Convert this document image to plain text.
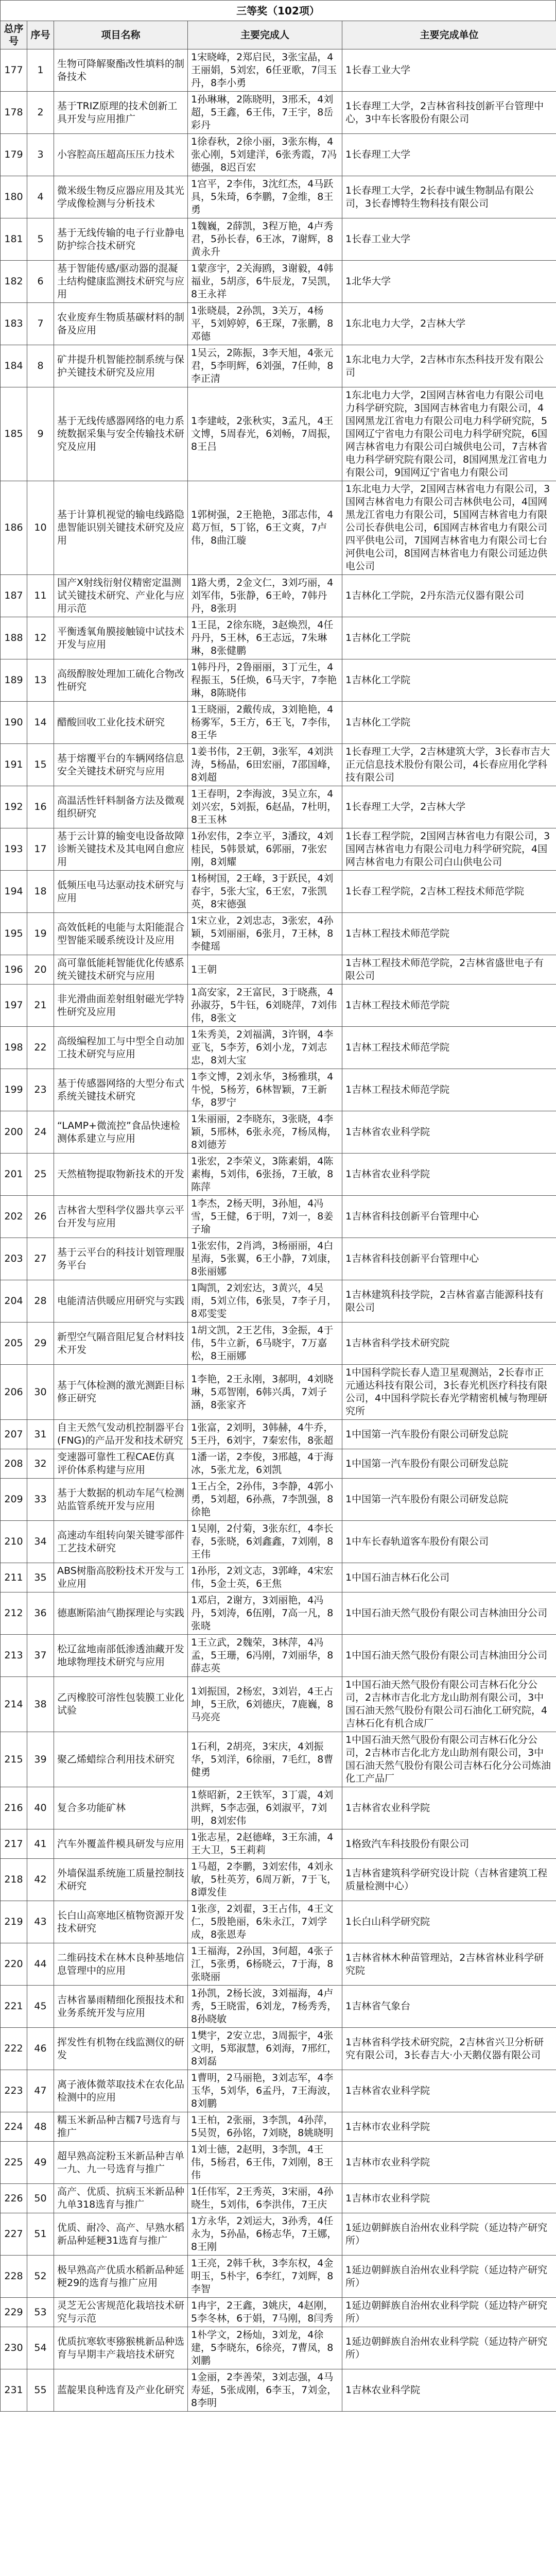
三等奖（102项）
总序号	序号	项目名称	主要完成人	主要完成单位
177	1	生物可降解聚酯改性填料的制备技术	1宋晓峰，2郑启民，3张宝晶，4王丽娟，5刘宏，6任亚歌，7闫玉丹，8李小勇	1长春工业大学
178	2	基于TRIZ原理的技术创新工具开发与应用推广	1孙琳琳，2陈晓明，3邢禾，4刘超，5王鑫，6王伟，7王宇，8岳彩丹	1长春理工大学，2吉林省科技创新平台管理中心，3中车长客股份有限公司
179	3	小容腔高压超高压压力技术	1徐春秋，2徐小丽，3张东梅，4张心刚，5刘建洋，6张秀霞，7冯德强，8迟百宏	1长春理工大学
180	4	微米级生物反应器应用及其光学成像检测与分析技术	1宫平，2李伟，3沈红杰，4马跃具，5朱琦，6李鹏，7金维，8王勇	1长春理工大学，2长春中诚生物制品有限公司，3长春博特生物科技有限公司
181	5	基于无线传输的电子行业静电防护综合技术研究	1魏巍，2薛凯，3程万艳，4卢秀君，5孙长春，6王冰，7谢辉，8黄永升	1长春工业大学
182	6	基于智能传感/驱动器的混凝土结构健康监测技术研究与应用	1蒙彦宇，2关海鸥，3谢毅，4韩福业，5胡彦，6牛辰龙，7吴凯，8王永祥	1北华大学
183	7	农业废弃生物质基碳材料的制备及应用	1张晓晨，2孙凯，3关万，4杨平，5刘婷婷，6王琛，7张鹏，8邓德	1东北电力大学，2吉林大学
184	8	矿井提升机智能控制系统与保护关键技术研究及应用	1吴云，2陈振，3李天旭，4张元君，5李明辉，6刘强，7任帅，8李正清	1东北电力大学，2吉林市东杰科技开发有限公司
185	9	基于无线传感器网络的电力系统数据采集与安全传输技术研究及应用	1李建岐，2张秋实，3孟凡，4王文博，5周春光，6刘畅，7周振，8王吕	1东北电力大学，2国网吉林省电力有限公司电力科学研究院，3国网吉林省电力有限公司，4国网黑龙江省电力有限公司电力科学研究院，5国网辽宁省电力有限公司电力科学研究院，6国网吉林省电力有限公司白城供电公司，7吉林省电力科学研究院有限公司，8国网黑龙江省电力有限公司，9国网辽宁省电力有限公司
186	10	基于计算机视觉的输电线路隐患智能识别关键技术研究及应用	1郭树强，2王艳艳，3邵志伟，4葛万恒，5丁铭，6王文爽，7卢伟，8曲江璇	1东北电力大学，2国网吉林省电力有限公司，3国网吉林省电力有限公司吉林供电公司，4国网黑龙江省电力有限公司，5国网吉林省电力有限公司长春供电公司，6国网吉林省电力有限公司四平供电公司，7国网吉林省电力有限公司七台河供电公司，8国网吉林省电力有限公司延边供电公司
187	11	国产X射线衍射仪精密定温测试关键技术研究、产业化与应用示范	1路大勇，2金文仁，3刘巧丽，4刘军伟，5张静，6王岭，7韩丹丹，8张玥	1吉林化工学院，2丹东浩元仪器有限公司
188	12	平衡透氧角膜接触镜中试技术开发与应用	1王昆，2徐东晓，3赵焕烈，4任丹丹，5王林，6王志远，7朱琳琳，8张健鹏	1吉林化工学院
189	13	高级醇胺处理加工硫化合物改性研究	1韩丹丹，2鲁丽丽，3丁元生，4程振玉，5任焕，6马天宇，7李艳琳，8陈晓伟	1吉林化工学院
190	14	醋酸回收工业化技术研究	1王晓丽，2戴传成，3刘艳艳，4杨雾军，5王方，6王飞，7李伟，8王华	1吉林化工学院
191	15	基于熔覆平台的车辆网络信息安全关键技术研究与应用	1姜书伟，2王朝，3张军，4刘洪涛，5杨晶，6田宏丽，7邵国峰，8刘超	1长春理工大学，2吉林建筑大学，3长春市吉大正元信息技术股份有限公司，4长春应用化学科技有限公司
192	16	高温活性钎料制备方法及微观组织研究	1王春明，2李海波，3吴立东，4刘兴宏，5刘振，6赵晶，7杜明，8王玉林	1长春理工大学，2吉林大学
193	17	基于云计算的输变电设备故障诊断关键技术及其电网自愈应用	1孙宏伟，2李立平，3潘玟，4刘桂民，5韩景斌，6郭丽，7张宏刚，8刘耀	1长春工程学院，2国网吉林省电力有限公司，3国网吉林省电力有限公司电力科学研究院，4国网吉林省电力有限公司白山供电公司
194	18	低频压电马达驱动技术研究与应用	1杨树国，2王峰，3于跃民，4刘春宇，5张大宝，6王宏，7张凯英，8宋德强	1长春工程学院，2吉林工程技术师范学院
195	19	高效低耗的电能与太阳能混合型智能采暖系统设计及应用	1宋立业，2刘忠志，3张宏，4孙颖，5刘丽丽，6张月，7王林，8李健瑶	1吉林工程技术师范学院
196	20	高可靠低能耗智能优化传感系统关键技术研究与应用	1王朝	1吉林工程技术师范学院，2吉林省盛世电子有限公司
197	21	非光滑曲面差射组射磁光学特性研究及应用	1高安家，2王富民，3于晓燕，4孙淑芬，5牛钰，6刘晓萍，7刘伟伟，8张文	1吉林工程技术师范学院
198	22	高级编程加工与中型全自动加工技术研究与应用	1朱秀美，2刘福满，3许钢，4李亚飞，5李芳，6刘小龙，7刘志忠，8刘大宝	1吉林工程技术师范学院
199	23	基于传感器网络的大型分布式系统关键技术研究	1李文博，2刘永华，3杨雅琪，4牛悦，5杨芳，6林智颖，7王新华，8罗宁	1吉林工程技术师范学院
200	24	“LAMP+微流控”食品快速检测体系建立与应用	1朱丽丽，2李晓东，3张晓，4李颖，5邢林，6张永亮，7杨凤梅，8刘德芳	1吉林省农业科学院
201	25	天然植物提取物新技术的开发	1张宏，2李荣义，3陈素娟，4陈素梅，5刘伟，6张扬，7王敏，8陈萍	1吉林省农业科学院
202	26	吉林省大型科学仪器共享云平台开发与应用	1李杰，2杨天明，3孙旭，4冯雪，5王健，6于明，7刘一，8姜子瑜	1吉林省科技创新平台管理中心
203	27	基于云平台的科技计划管理服务平台	1张宏伟，2肖鸿，3杨丽丽，4白星海，5张翼，6王小静，7刘康，8张丽娜	1吉林省科技创新平台管理中心
204	28	电能清洁供暖应用研究与实践	1陶凯，2刘宏达，3黄兴，4吴雨，5刘立伟，6张昊，7李子月，8邓雯雯	1吉林建筑科技学院，2吉林省嘉吉能源科技有限公司
205	29	新型空气隔音阻尼复合材料技术开发	1胡文凯，2王艺伟，3金振，4于伟，5牛立新，6马晓宇，7万嘉松，8王丽娜	1吉林省科学技术研究院
206	30	基于气体检测的激光测距目标修正研究	1李艳，2王永刚，3郝明，4刘晓琳，5邓智刚，6韩兴禹，7刘子涵，8张家齐	1中国科学院长春人造卫星观测站，2长春市正元通达科技有限公司，3长春光机医疗科技有限公司，4中国科学院长春光学精密机械与物理研究所
207	31	自主天然气发动机控制器平台(FNG)的产品开发和技术研究	1张富，2刘明，3韩赫，4牛乔，5王丹，6刘宇，7秦宏伟，8张超	1中国第一汽车股份有限公司研发总院
208	32	变速器可靠性工程CAE仿真评价体系构建与应用	1潘一诺，2李俊，3邢越，4于海冰，5张尤龙，6刘凯	1中国第一汽车股份有限公司研发总院
209	33	基于大数据的机动车尾气检测站监管系统开发与应用	1王占全，2孙伟，3李静，4郭小勇，5刘超，6孙燕，7李凯强，8徐艳	1中国第一汽车股份有限公司研发总院
210	34	高速动车组转向架关键零部件工艺技术研究	1吴刚，2付菊，3张东红，4李长春，5张晓，6刘鑫鑫，7刘刚，8王伟	1中车长春轨道客车股份有限公司
211	35	ABS树脂高胶粉技术开发与工业应用	1孙彤，2刘文志，3郭峰，4宋宏伟，5金士英，6王焦	1中国石油吉林石化公司
212	36	德惠断陷油气勘探理论与实践	1邓启，2谢方，3刘丽艳，4冯丹，5刘涛，6伍刚，7高一凡，8张晓	1中国石油天然气股份有限公司吉林油田分公司
213	37	松辽盆地南部低渗透油藏开发地球物理技术研究与应用	1王立武，2魏荣，3林萍，4冯孟，5王珊，6冯刚，7刘丽华，8薛志英	1中国石油天然气股份有限公司吉林油田分公司
214	38	乙丙橡胶可溶性包装膜工业化试验	1刘振国，2杨宏，3刘岩，4王占坤，5王欣，6刘德庆，7鹿巍，8马亮亮	1中国石油天然气股份有限公司吉林石化分公司，2吉林市吉化北方龙山助剂有限公司，3中国石油天然气股份有限公司石油化工研究院，4吉林石化有机合成厂
215	39	聚乙烯蜡综合利用技术研究	1石利，2胡亮，3宋庆，4刘振华，5刘洋，6徐丽，7毛红，8曹健勇	1中国石油天然气股份有限公司吉林石化分公司，2吉林市吉化北方龙山助剂有限公司，3中国石油天然气股份有限公司吉林石化分公司炼油化工产品厂
216	40	复合多功能矿林	1蔡昭新，2王铁军，3丁震，4刘洪辉，5李志强，6刘淑平，7刘明，8刘宏伟	1吉林省农业科学院
217	41	汽车外覆盖件模具研发与应用	1张志星，2赵德峰，3王东浦，4王大卫，5王莉莉	1格致汽车科技股份有限公司
218	42	外墙保温系统施工质量控制技术研究	1马超，2李鹏，3刘宏伟，4刘永敏，5杜英芳，6周万新，7于飞，8谭发佳	1吉林省建筑科学研究设计院（吉林省建筑工程质量检测中心）
219	43	长白山高寒地区植物资源开发技术研究	1张彦，2刘翟，3王占伟，4王文仁，5殷艳丽，6朱永江，7刘学成，8张恩寿	1长白山科学研究院
220	44	二维码技术在林木良种基地信息管理中的应用	1王福海，2孙国，3何超，4张子江，5张勇，6杨晓云，7于海，8张晓丽	1吉林省林木种苗管理站，2吉林省林业科学研究院
221	45	吉林省暴雨精细化预报技术和业务系统开发与应用	1孙凯，2杨长波，3刘福海，4卢秀，5王晓雷，6刘龙，7杨秀秀，8孙晓敏	1吉林省气象台
222	46	挥发性有机物在线监测仪的研发	1樊宇，2安立忠，3周振宇，4张文明，5郑淑慧，6刘海，7邢红，8刘磊	1吉林省科学技术研究院，2吉林省兴卫分析研究有限公司，3长春吉大·小天鹅仪器有限公司
223	47	离子液体微萃取技术在农化品检测中的应用	1曹明，2马丽艳，3刘志军，4李玉华，5刘华，6孟丹，7王海波，8刘鹏	1吉林省农业科学院
224	48	糯玉米新品种吉糯7号选育与推广	1王柏，2张丽，3李凯，4孙萍，5吴贺，6孙铭，7刘晓，8姚晓明	1吉林市农业科学院
225	49	超早熟高淀粉玉米新品种吉单一九、九一号选育与推广	1刘士德，2赵明，3李凯，4王伟，5杨君，6王伟，7刘刚，8王伟	1吉林市农业科学院
226	50	高产、优质、抗病玉米新品种九单318选育与推广	1任伟军，2王秀英，3宋丽，4孙晓生，5刘伟，6李洪伟，7王庆	1吉林市农业科学院
227	51	优质、耐冷、高产、早熟水稻新品种延粳31选育与推广	1方永华，2刘运大，3孙秀，4任永为，5孙晶，6杨志华，7王娜，8王刚	1延边朝鲜族自治州农业科学院（延边特产研究所）
228	52	极早熟高产优质水稻新品种延粳29的选育与推广应用	1王亮，2韩千秋，3李东权，4金明玉，5朴宇，6李红，7刘辉，8李智	1延边朝鲜族自治州农业科学院（延边特产研究所）
229	53	灵芝无公害规范化栽培技术研究与示范	1冉宇，2王鑫，3姚庆，4赵刚，5李冬林，6于娟，7马刚，8闫秀	1延边朝鲜族自治州农业科学院（延边特产研究所）
230	54	优质抗寒软枣猕猴桃新品种选育与早期丰产栽培技术研究	1朴学文，2杨灿，3刘龙，4徐建，5李晓东，6徐亮，7曹凤，8刘鹏	1延边朝鲜族自治州农业科学院（延边特产研究所）
231	55	蓝靛果良种选育及产业化研究	1金丽，2李善荣，3刘志强，4马寿延，5张成刚，6李玉，7刘金，8李明	1吉林农业科学院
